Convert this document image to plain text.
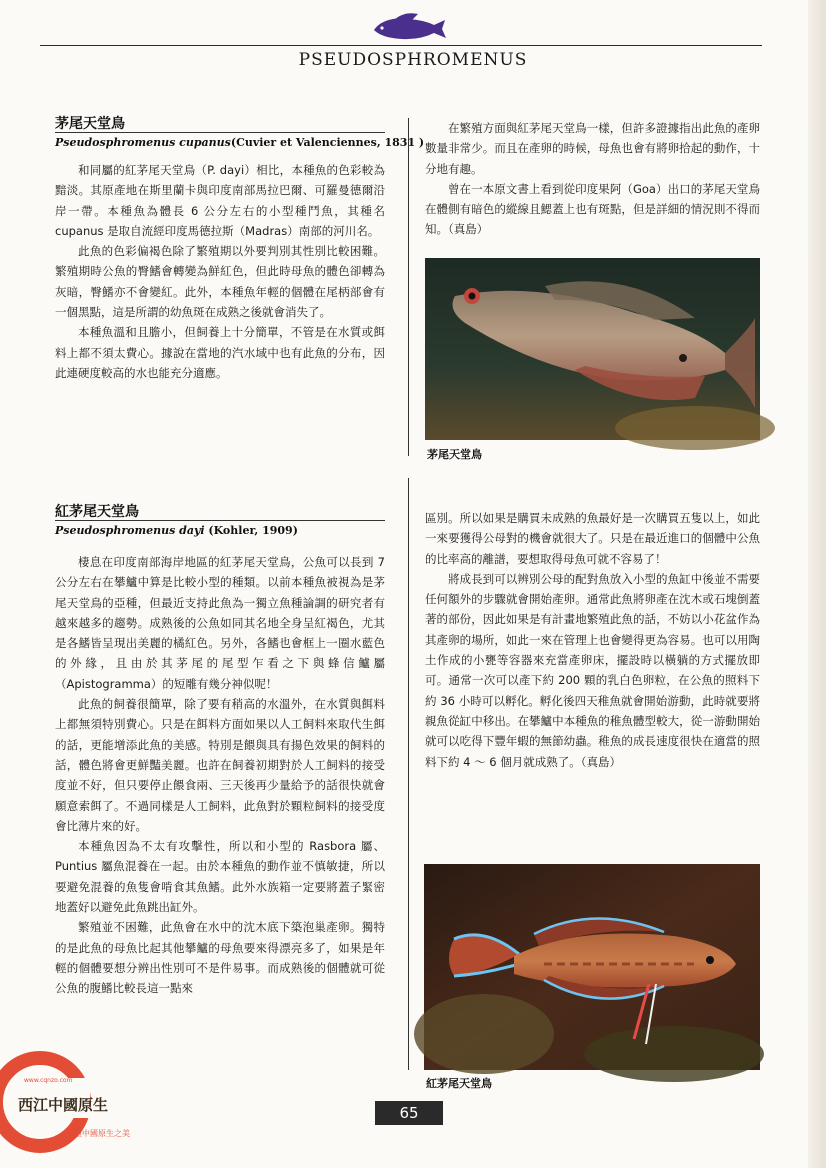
PSEUDOSPHROMENUS
茅尾天堂鳥
Pseudosphromenus cupanus(Cuvier et Valenciennes, 1831 )

和同屬的紅茅尾天堂鳥（P. dayi）相比，本種魚的色彩較為黯淡。其原產地在斯里蘭卡與印度南部馬拉巴爾、可羅曼德爾沿岸一帶。本種魚為體長 6 公分左右的小型種鬥魚，其種名 cupanus 是取自流經印度馬德拉斯（Madras）南部的河川名。

此魚的色彩偏褐色除了繁殖期以外要判別其性別比較困難。繁殖期時公魚的臀鰭會轉變為鮮紅色，但此時母魚的體色卻轉為灰暗，臀鰭亦不會變紅。此外，本種魚年輕的個體在尾柄部會有一個黑點，這是所謂的幼魚斑在成熟之後就會消失了。

本種魚溫和且膽小，但飼養上十分簡單，不管是在水質或餌料上都不須太費心。據說在當地的汽水域中也有此魚的分布，因此連硬度較高的水也能充分適應。

在繁殖方面與紅茅尾天堂鳥一樣，但許多證據指出此魚的產卵數量非常少。而且在產卵的時候，母魚也會有將卵拾起的動作，十分地有趣。

曾在一本原文書上看到從印度果阿（Goa）出口的茅尾天堂鳥在體側有暗色的縱線且鰓蓋上也有斑點，但是詳細的情況則不得而知。（真島）

茅尾天堂鳥
紅茅尾天堂鳥
Pseudosphromenus dayi (Kohler, 1909)

棲息在印度南部海岸地區的紅茅尾天堂鳥，公魚可以長到 7 公分左右在攀鱸中算是比較小型的種類。以前本種魚被視為是茅尾天堂鳥的亞種，但最近支持此魚為一獨立魚種論調的研究者有越來越多的趨勢。成熟後的公魚如同其名地全身呈紅褐色，尤其是各鰭皆呈現出美麗的橘紅色。另外，各鰭也會框上一圈水藍色的外緣，且由於其茅尾的尾型乍看之下與蜂信鱸屬（Apistogramma）的短雕有幾分神似呢！

此魚的飼養很簡單，除了要有稍高的水溫外，在水質與餌料上都無須特別費心。只是在餌料方面如果以人工飼料來取代生餌的話，更能增添此魚的美感。特別是餵與具有揚色效果的飼料的話，體色將會更鮮豔美麗。也許在飼養初期對於人工飼料的接受度並不好，但只要停止餵食兩、三天後再少量給予的話很快就會願意索餌了。不過同樣是人工飼料，此魚對於顆粒飼料的接受度會比薄片來的好。

本種魚因為不太有攻擊性，所以和小型的 Rasbora 屬、Puntius 屬魚混養在一起。由於本種魚的動作並不慎敏捷，所以要避免混養的魚隻會啃食其魚鰭。此外水族箱一定要將蓋子緊密地蓋好以避免此魚跳出缸外。

繁殖並不困難，此魚會在水中的沈木底下築泡巢產卵。獨特的是此魚的母魚比起其他攀鱸的母魚要來得漂亮多了，如果是年輕的個體要想分辨出性別可不是件易事。而成熟後的個體就可從公魚的腹鰭比較長這一點來

區別。所以如果是購買未成熟的魚最好是一次購買五隻以上，如此一來要獲得公母對的機會就很大了。只是在最近進口的個體中公魚的比率高的離譜，要想取得母魚可就不容易了！

將成長到可以辨別公母的配對魚放入小型的魚缸中後並不需要任何額外的步驟就會開始產卵。通常此魚將卵產在沈木或石塊倒蓋著的部份，因此如果是有計畫地繁殖此魚的話，不妨以小花盆作為其產卵的場所，如此一來在管理上也會變得更為容易。也可以用陶土作成的小甕等容器來充當產卵床，擺設時以橫躺的方式擺放即可。通常一次可以產下約 200 顆的乳白色卵粒，在公魚的照料下約 36 小時可以孵化。孵化後四天稚魚就會開始游動，此時就要將親魚從缸中移出。在攀鱸中本種魚的稚魚體型較大，從一游動開始就可以吃得下豐年蝦的無節幼蟲。稚魚的成長速度很快在適當的照料下約 4 ～ 6 個月就成熟了。（真島）

紅茅尾天堂鳥
65
www.cqnzo.com
西江中國原生
守望中國原生之美
